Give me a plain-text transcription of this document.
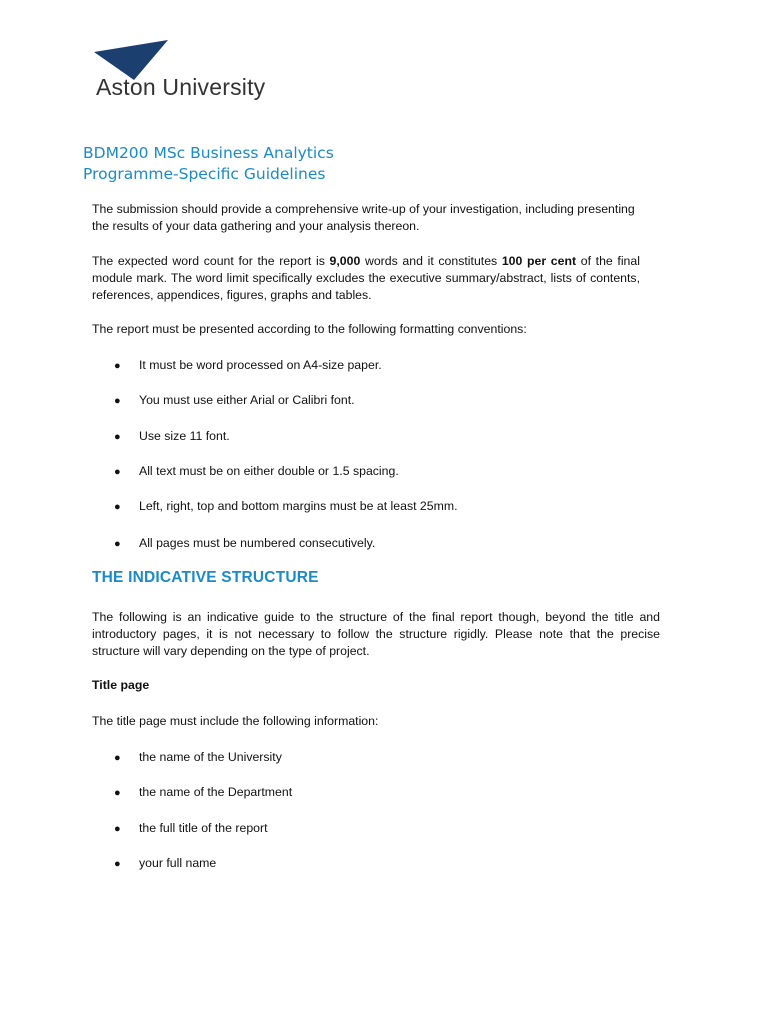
Aston University
BDM200 MSc Business Analytics
Programme-Specific Guidelines
The submission should provide a comprehensive write-up of your investigation, including presenting
the results of your data gathering and your analysis thereon.
The expected word count for the report is 9,000 words and it constitutes 100 per cent of the final module mark. The word limit specifically excludes the executive summary/abstract, lists of contents, references, appendices, figures, graphs and tables.
The report must be presented according to the following formatting conventions:
● It must be word processed on A4-size paper.
● You must use either Arial or Calibri font.
● Use size 11 font.
● All text must be on either double or 1.5 spacing.
● Left, right, top and bottom margins must be at least 25mm.
● All pages must be numbered consecutively.
THE INDICATIVE STRUCTURE
The following is an indicative guide to the structure of the final report though, beyond the title and introductory pages, it is not necessary to follow the structure rigidly. Please note that the precise structure will vary depending on the type of project.
Title page
The title page must include the following information:
● the name of the University
● the name of the Department
● the full title of the report
● your full name
